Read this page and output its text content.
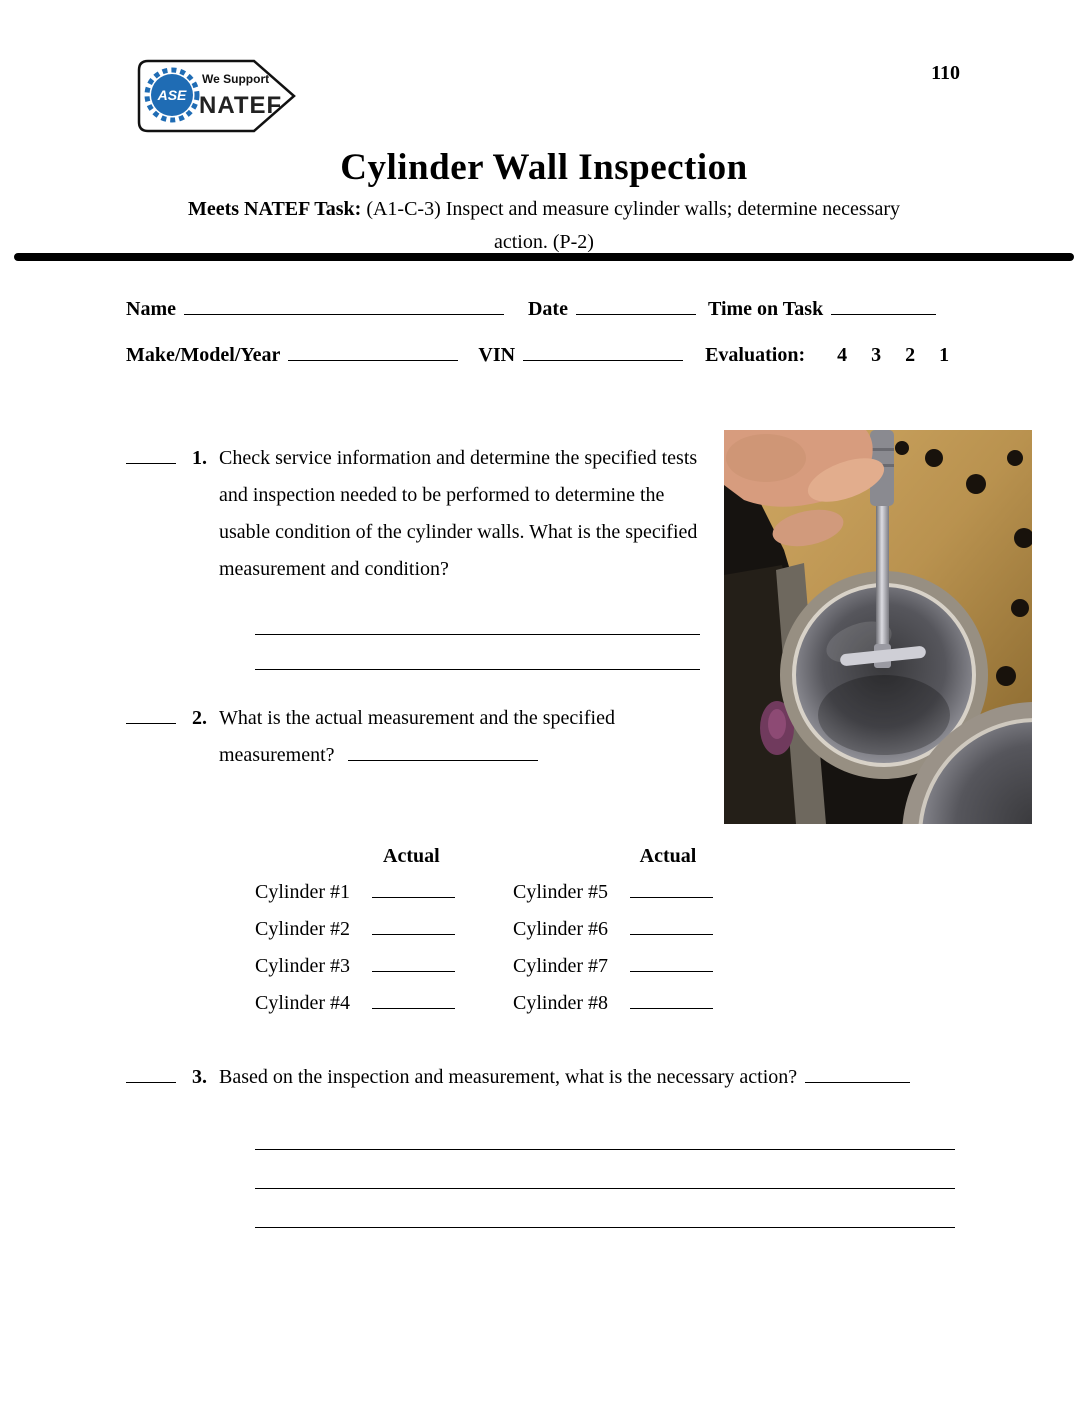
110
ASE
We Support
NATEF
Cylinder Wall Inspection
Meets NATEF Task: (A1-C-3) Inspect and measure cylinder walls; determine necessary
action. (P-2)
Name	Date	Time on Task
Make/Model/Year	VIN	Evaluation: 4 3 2 1
1. Check service information and determine the specified tests and inspection needed to be performed to determine the usable condition of the cylinder walls. What is the specified measurement and condition?
2. What is the actual measurement and the specified
measurement?
Actual	Actual
Cylinder #1	Cylinder #5
Cylinder #2	Cylinder #6
Cylinder #3	Cylinder #7
Cylinder #4	Cylinder #8
3. Based on the inspection and measurement, what is the necessary action?
